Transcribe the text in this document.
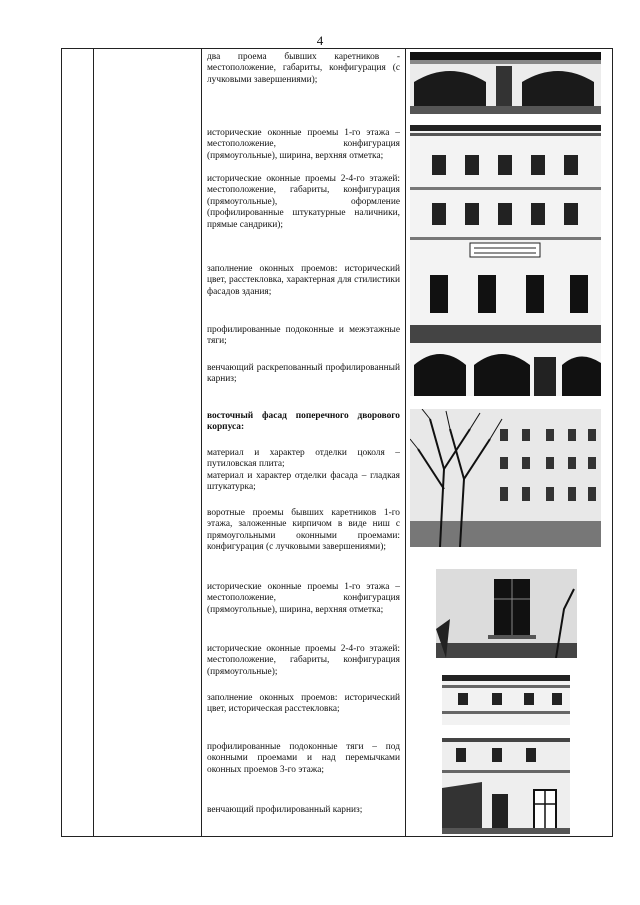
4
два проема бывших каретников - местоположение, габариты, конфигурация (с лучковыми завершениями);
исторические оконные проемы 1-го этажа – местоположение, конфигурация (прямоугольные), ширина, верхняя отметка;
исторические оконные проемы 2-4-го этажей: местоположение, габариты, конфигурация (прямоугольные), оформление (профилированные штукатурные наличники, прямые сандрики);
заполнение оконных проемов: исторический цвет, расстекловка, характерная для стилистики фасадов здания;
профилированные подоконные и межэтажные тяги;
венчающий раскрепованный профилированный карниз;
восточный фасад поперечного дворового корпуса:
материал и характер отделки цоколя – путиловская плита;
материал и характер отделки фасада – гладкая штукатурка;
воротные проемы бывших каретников 1-го этажа, заложенные кирпичом в виде ниш с прямоугольными оконными проемами: конфигурация (с лучковыми завершениями);
исторические оконные проемы 1-го этажа – местоположение, конфигурация (прямоугольные), ширина, верхняя отметка;
исторические оконные проемы 2-4-го этажей: местоположение, габариты, конфигурация (прямоугольные);
заполнение оконных проемов: исторический цвет, историческая расстекловка;
профилированные подоконные тяги – под оконными проемами и над перемычками оконных проемов 3-го этажа;
венчающий профилированный карниз;
